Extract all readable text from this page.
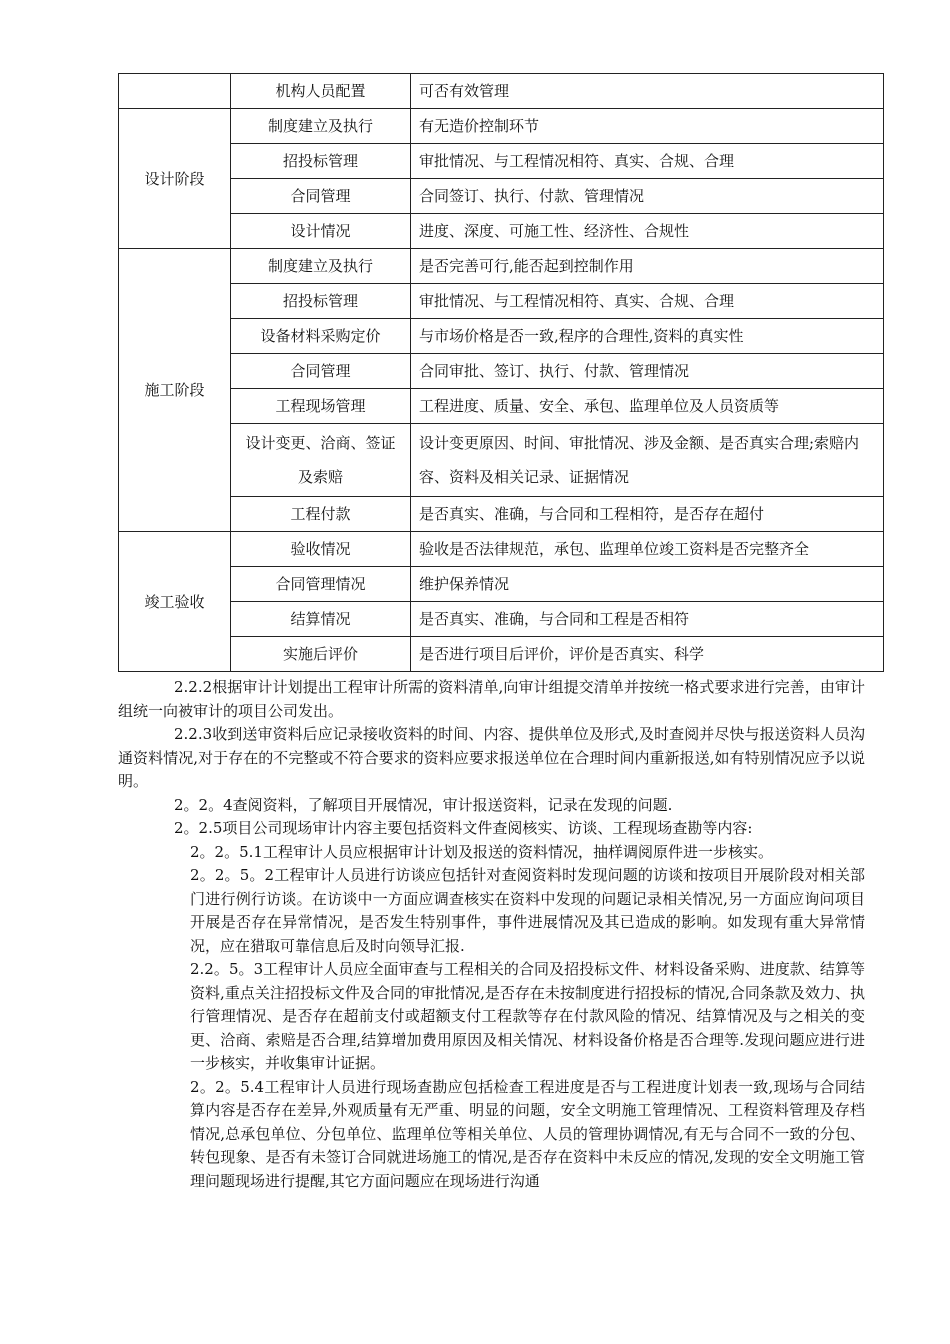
	机构人员配置	可否有效管理
设计阶段	制度建立及执行	有无造价控制环节
	招投标管理	审批情况、与工程情况相符、真实、合规、合理
	合同管理	合同签订、执行、付款、管理情况
	设计情况	进度、深度、可施工性、经济性、合规性
施工阶段	制度建立及执行	是否完善可行,能否起到控制作用
	招投标管理	审批情况、与工程情况相符、真实、合规、合理
	设备材料采购定价	与市场价格是否一致,程序的合理性,资料的真实性
	合同管理	合同审批、签订、执行、付款、管理情况
	工程现场管理	工程进度、质量、安全、承包、监理单位及人员资质等
	设计变更、洽商、签证及索赔	设计变更原因、时间、审批情况、涉及金额、是否真实合理;索赔内容、资料及相关记录、证据情况
	工程付款	是否真实、准确，与合同和工程相符，是否存在超付
竣工验收	验收情况	验收是否法律规范，承包、监理单位竣工资料是否完整齐全
	合同管理情况	维护保养情况
	结算情况	是否真实、准确，与合同和工程是否相符
	实施后评价	是否进行项目后评价，评价是否真实、科学

2.2.2根据审计计划提出工程审计所需的资料清单,向审计组提交清单并按统一格式要求进行完善，由审计组统一向被审计的项目公司发出。

2.2.3收到送审资料后应记录接收资料的时间、内容、提供单位及形式,及时查阅并尽快与报送资料人员沟通资料情况,对于存在的不完整或不符合要求的资料应要求报送单位在合理时间内重新报送,如有特别情况应予以说明。

2。2。4查阅资料，了解项目开展情况，审计报送资料，记录在发现的问题.

2。2.5项目公司现场审计内容主要包括资料文件查阅核实、访谈、工程现场查勘等内容:

2。2。5.1工程审计人员应根据审计计划及报送的资料情况，抽样调阅原件进一步核实。

2。2。5。2工程审计人员进行访谈应包括针对查阅资料时发现问题的访谈和按项目开展阶段对相关部门进行例行访谈。在访谈中一方面应调查核实在资料中发现的问题记录相关情况,另一方面应询问项目开展是否存在异常情况，是否发生特别事件，事件进展情况及其已造成的影响。如发现有重大异常情况，应在猎取可靠信息后及时向领导汇报.

2.2。5。3工程审计人员应全面审查与工程相关的合同及招投标文件、材料设备采购、进度款、结算等资料,重点关注招投标文件及合同的审批情况,是否存在未按制度进行招投标的情况,合同条款及效力、执行管理情况、是否存在超前支付或超额支付工程款等存在付款风险的情况、结算情况及与之相关的变更、洽商、索赔是否合理,结算增加费用原因及相关情况、材料设备价格是否合理等.发现问题应进行进一步核实，并收集审计证据。

2。2。5.4工程审计人员进行现场查勘应包括检查工程进度是否与工程进度计划表一致,现场与合同结算内容是否存在差异,外观质量有无严重、明显的问题，安全文明施工管理情况、工程资料管理及存档情况,总承包单位、分包单位、监理单位等相关单位、人员的管理协调情况,有无与合同不一致的分包、转包现象、是否有未签订合同就进场施工的情况,是否存在资料中未反应的情况,发现的安全文明施工管理问题现场进行提醒,其它方面问题应在现场进行沟通
